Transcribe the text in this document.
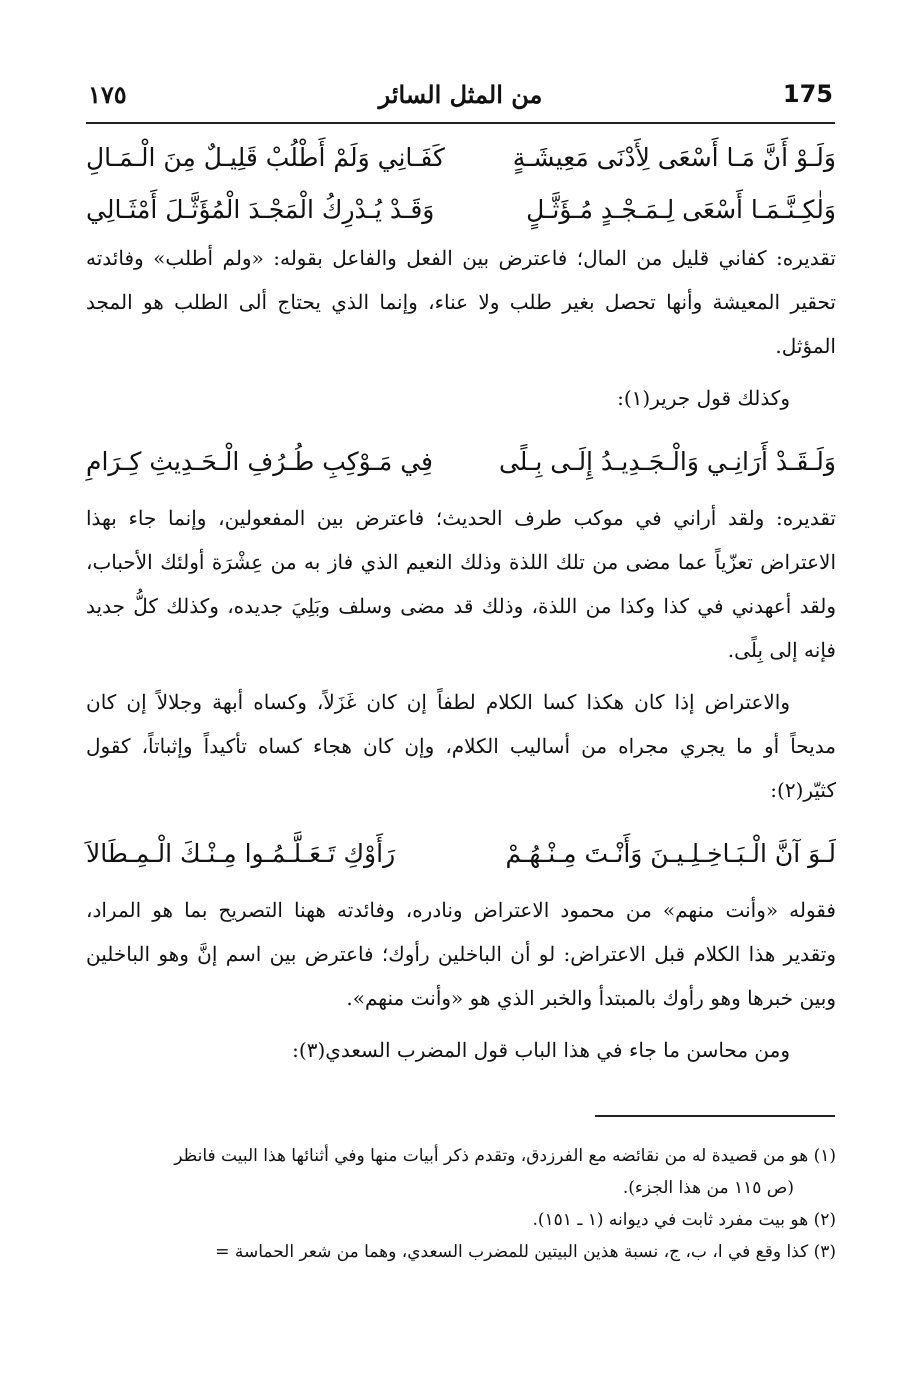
175
من المثل السائر
١٧٥
وَلَـوْ أَنَّ مَـا أَسْعَى لِأَدْنَى مَعِيشَـةٍ
كَفَـانِي وَلَمْ أَطْلُبْ قَلِيـلٌ مِنَ الْـمَـالِ
وَلٰكِـنَّـمَـا أَسْعَى لِـمَـجْـدٍ مُـؤَثَّـلٍ
وَقَـدْ يُـدْرِكُ الْمَجْـدَ الْمُؤَثَّـلَ أَمْثَـالِي

تقديره: كفاني قليل من المال؛ فاعترض بين الفعل والفاعل بقوله: «ولم أطلب» وفائدته تحقير المعيشة وأنها تحصل بغير طلب ولا عناء، وإنما الذي يحتاج ألى الطلب هو المجد المؤثل.

وكذلك قول جرير(١):

وَلَـقَـدْ أَرَانِـي وَالْـجَـدِيـدُ إِلَـى بِـلًى
فِي مَـوْكِبِ طُـرُفِ الْـحَـدِيثِ كِـرَامِ

تقديره: ولقد أراني في موكب طرف الحديث؛ فاعترض بين المفعولين، وإنما جاء بهذا الاعتراض تعزّياً عما مضى من تلك اللذة وذلك النعيم الذي فاز به من عِشْرَة أولئك الأحباب، ولقد أعهدني في كذا وكذا من اللذة، وذلك قد مضى وسلف وبَلِيَ جديده، وكذلك كلُّ جديد فإنه إلى بِلًى.

والاعتراض إذا كان هكذا كسا الكلام لطفاً إن كان غَزَلاً، وكساه أبهة وجلالاً إن كان مديحاً أو ما يجري مجراه من أساليب الكلام، وإن كان هجاء كساه تأكيداً وإثباتاً، كقول كثيّر(٢):

لَـوَ آنَّ الْـبَـاخِـلِـيـنَ وَأَنْـتَ مِـنْـهُـمْ
رَأَوْكِ تَـعَـلَّـمُـوا مِـنْـكَ الْـمِـطَالاَ

فقوله «وأنت منهم» من محمود الاعتراض ونادره، وفائدته ههنا التصريح بما هو المراد، وتقدير هذا الكلام قبل الاعتراض: لو أن الباخلين رأوك؛ فاعترض بين اسم إنَّ وهو الباخلين وبين خبرها وهو رأوك بالمبتدأ والخبر الذي هو «وأنت منهم».

ومن محاسن ما جاء في هذا الباب قول المضرب السعدي(٣):

(١) هو من قصيدة له من نقائضه مع الفرزدق، وتقدم ذكر أبيات منها وفي أثنائها هذا البيت فانظر

(ص ١١٥ من هذا الجزء).

(٢) هو بيت مفرد ثابت في ديوانه (١ ـ ١٥١).

(٣) كذا وقع في ا، ب، ج، نسبة هذين البيتين للمضرب السعدي، وهما من شعر الحماسة =
